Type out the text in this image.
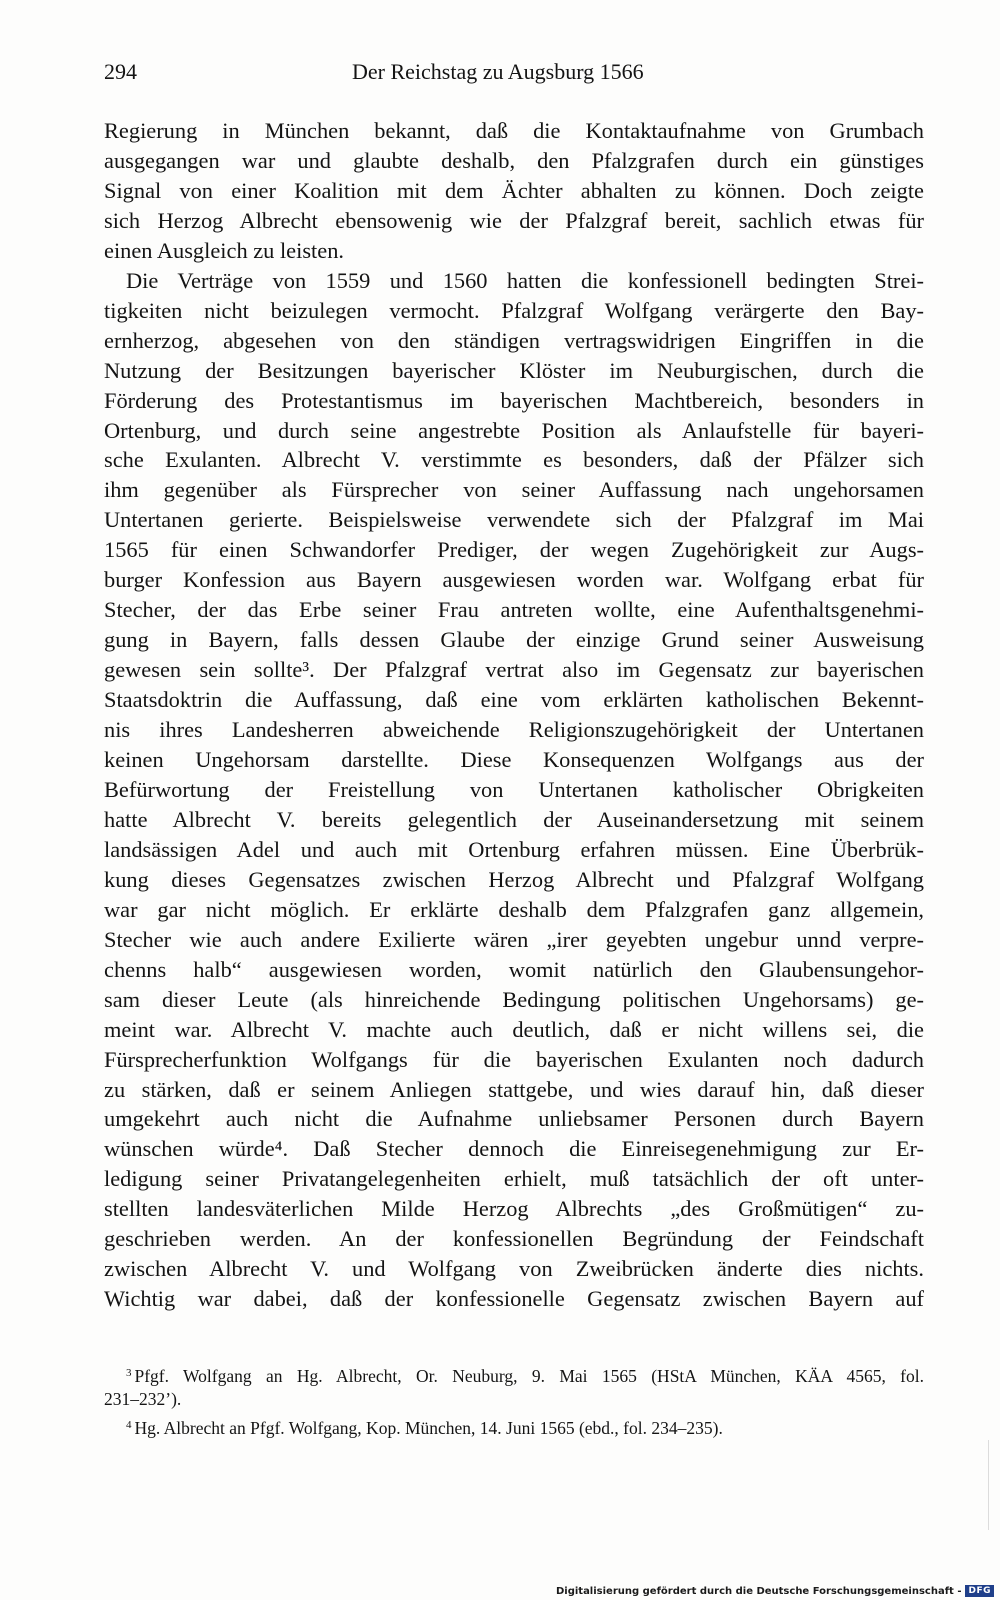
294	Der Reichstag zu Augsburg 1566
Regierung in München bekannt, daß die Kontaktaufnahme von Grumbach
ausgegangen war und glaubte deshalb, den Pfalzgrafen durch ein günstiges
Signal von einer Koalition mit dem Ächter abhalten zu können. Doch zeigte
sich Herzog Albrecht ebensowenig wie der Pfalzgraf bereit, sachlich etwas für
einen Ausgleich zu leisten.
Die Verträge von 1559 und 1560 hatten die konfessionell bedingten Strei-
tigkeiten nicht beizulegen vermocht. Pfalzgraf Wolfgang verärgerte den Bay-
ernherzog, abgesehen von den ständigen vertragswidrigen Eingriffen in die
Nutzung der Besitzungen bayerischer Klöster im Neuburgischen, durch die
Förderung des Protestantismus im bayerischen Machtbereich, besonders in
Ortenburg, und durch seine angestrebte Position als Anlaufstelle für bayeri-
sche Exulanten. Albrecht V. verstimmte es besonders, daß der Pfälzer sich
ihm gegenüber als Fürsprecher von seiner Auffassung nach ungehorsamen
Untertanen gerierte. Beispielsweise verwendete sich der Pfalzgraf im Mai
1565 für einen Schwandorfer Prediger, der wegen Zugehörigkeit zur Augs-
burger Konfession aus Bayern ausgewiesen worden war. Wolfgang erbat für
Stecher, der das Erbe seiner Frau antreten wollte, eine Aufenthaltsgenehmi-
gung in Bayern, falls dessen Glaube der einzige Grund seiner Ausweisung
gewesen sein sollte³. Der Pfalzgraf vertrat also im Gegensatz zur bayerischen
Staatsdoktrin die Auffassung, daß eine vom erklärten katholischen Bekennt-
nis ihres Landesherren abweichende Religionszugehörigkeit der Untertanen
keinen Ungehorsam darstellte. Diese Konsequenzen Wolfgangs aus der
Befürwortung der Freistellung von Untertanen katholischer Obrigkeiten
hatte Albrecht V. bereits gelegentlich der Auseinandersetzung mit seinem
landsässigen Adel und auch mit Ortenburg erfahren müssen. Eine Überbrük-
kung dieses Gegensatzes zwischen Herzog Albrecht und Pfalzgraf Wolfgang
war gar nicht möglich. Er erklärte deshalb dem Pfalzgrafen ganz allgemein,
Stecher wie auch andere Exilierte wären „irer geyebten ungebur unnd verpre-
chenns halb“ ausgewiesen worden, womit natürlich den Glaubensungehor-
sam dieser Leute (als hinreichende Bedingung politischen Ungehorsams) ge-
meint war. Albrecht V. machte auch deutlich, daß er nicht willens sei, die
Fürsprecherfunktion Wolfgangs für die bayerischen Exulanten noch dadurch
zu stärken, daß er seinem Anliegen stattgebe, und wies darauf hin, daß dieser
umgekehrt auch nicht die Aufnahme unliebsamer Personen durch Bayern
wünschen würde⁴. Daß Stecher dennoch die Einreisegenehmigung zur Er-
ledigung seiner Privatangelegenheiten erhielt, muß tatsächlich der oft unter-
stellten landesväterlichen Milde Herzog Albrechts „des Großmütigen“ zu-
geschrieben werden. An der konfessionellen Begründung der Feindschaft
zwischen Albrecht V. und Wolfgang von Zweibrücken änderte dies nichts.
Wichtig war dabei, daß der konfessionelle Gegensatz zwischen Bayern auf
$^3$ Pfgf. Wolfgang an Hg. Albrecht, Or. Neuburg, 9. Mai 1565 (HStA München, KÄA 4565, fol.
231–232’).
$^4$ Hg. Albrecht an Pfgf. Wolfgang, Kop. München, 14. Juni 1565 (ebd., fol. 234–235).
Digitalisierung gefördert durch die Deutsche Forschungsgemeinschaft - DFG
